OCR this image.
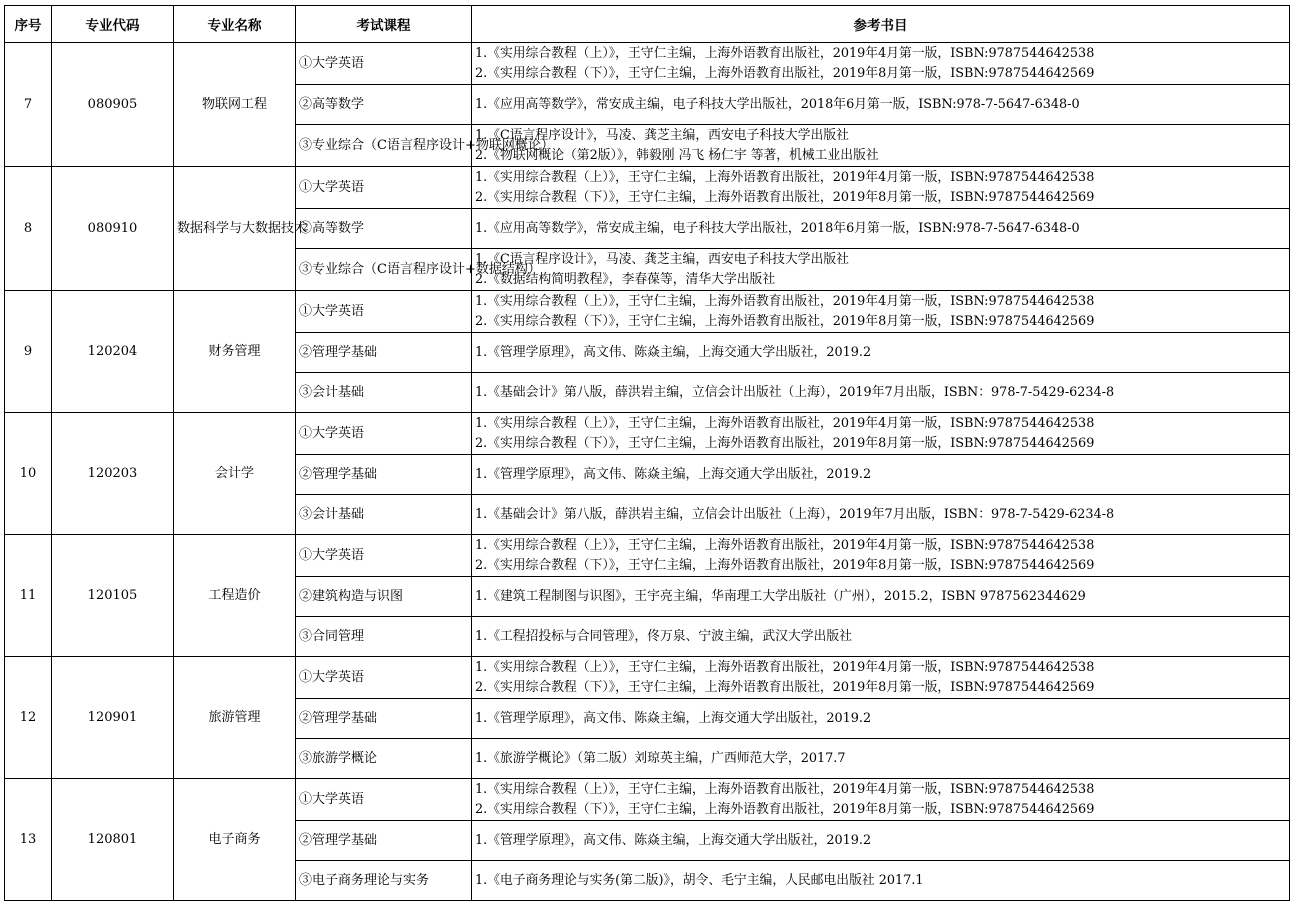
序号	专业代码	专业名称	考试课程	参考书目
7	080905	物联网工程	①大学英语	1.《实用综合教程（上）》，王守仁主编，上海外语教育出版社，2019年4月第一版，ISBN:9787544642538
2.《实用综合教程（下）》，王守仁主编，上海外语教育出版社，2019年8月第一版，ISBN:9787544642569

			②高等数学	1.《应用高等数学》，常安成主编，电子科技大学出版社，2018年6月第一版，ISBN:978-7-5647-6348-0

			③专业综合（C语言程序设计+物联网概论）	1.《C语言程序设计》，马凌、龚芝主编，西安电子科技大学出版社
2.《物联网概论（第2版）》，韩毅刚 冯飞 杨仁宇 等著，机械工业出版社

8	080910	数据科学与大数据技术	①大学英语	1.《实用综合教程（上）》，王守仁主编，上海外语教育出版社，2019年4月第一版，ISBN:9787544642538
2.《实用综合教程（下）》，王守仁主编，上海外语教育出版社，2019年8月第一版，ISBN:9787544642569

			②高等数学	1.《应用高等数学》，常安成主编，电子科技大学出版社，2018年6月第一版，ISBN:978-7-5647-6348-0

			③专业综合（C语言程序设计+数据结构）	1.《C语言程序设计》，马凌、龚芝主编，西安电子科技大学出版社
2.《数据结构简明教程》，李春葆等，清华大学出版社

9	120204	财务管理	①大学英语	1.《实用综合教程（上）》，王守仁主编，上海外语教育出版社，2019年4月第一版，ISBN:9787544642538
2.《实用综合教程（下）》，王守仁主编，上海外语教育出版社，2019年8月第一版，ISBN:9787544642569

			②管理学基础	1.《管理学原理》，高文伟、陈焱主编，上海交通大学出版社，2019.2

			③会计基础	1.《基础会计》第八版，薛洪岩主编，立信会计出版社（上海），2019年7月出版，ISBN：978-7-5429-6234-8

10	120203	会计学	①大学英语	1.《实用综合教程（上）》，王守仁主编，上海外语教育出版社，2019年4月第一版，ISBN:9787544642538
2.《实用综合教程（下）》，王守仁主编，上海外语教育出版社，2019年8月第一版，ISBN:9787544642569

			②管理学基础	1.《管理学原理》，高文伟、陈焱主编，上海交通大学出版社，2019.2

			③会计基础	1.《基础会计》第八版，薛洪岩主编，立信会计出版社（上海），2019年7月出版，ISBN：978-7-5429-6234-8

11	120105	工程造价	①大学英语	1.《实用综合教程（上）》，王守仁主编，上海外语教育出版社，2019年4月第一版，ISBN:9787544642538
2.《实用综合教程（下）》，王守仁主编，上海外语教育出版社，2019年8月第一版，ISBN:9787544642569

			②建筑构造与识图	1.《建筑工程制图与识图》，王宇亮主编，华南理工大学出版社（广州），2015.2，ISBN 9787562344629

			③合同管理	1.《工程招投标与合同管理》，佟万泉、宁波主编，武汉大学出版社

12	120901	旅游管理	①大学英语	1.《实用综合教程（上）》，王守仁主编，上海外语教育出版社，2019年4月第一版，ISBN:9787544642538
2.《实用综合教程（下）》，王守仁主编，上海外语教育出版社，2019年8月第一版，ISBN:9787544642569

			②管理学基础	1.《管理学原理》，高文伟、陈焱主编，上海交通大学出版社，2019.2

			③旅游学概论	1.《旅游学概论》（第二版）刘琼英主编，广西师范大学，2017.7

13	120801	电子商务	①大学英语	1.《实用综合教程（上）》，王守仁主编，上海外语教育出版社，2019年4月第一版，ISBN:9787544642538
2.《实用综合教程（下）》，王守仁主编，上海外语教育出版社，2019年8月第一版，ISBN:9787544642569

			②管理学基础	1.《管理学原理》，高文伟、陈焱主编，上海交通大学出版社，2019.2

			③电子商务理论与实务	1.《电子商务理论与实务(第二版)》，胡令、毛宁主编，人民邮电出版社 2017.1
